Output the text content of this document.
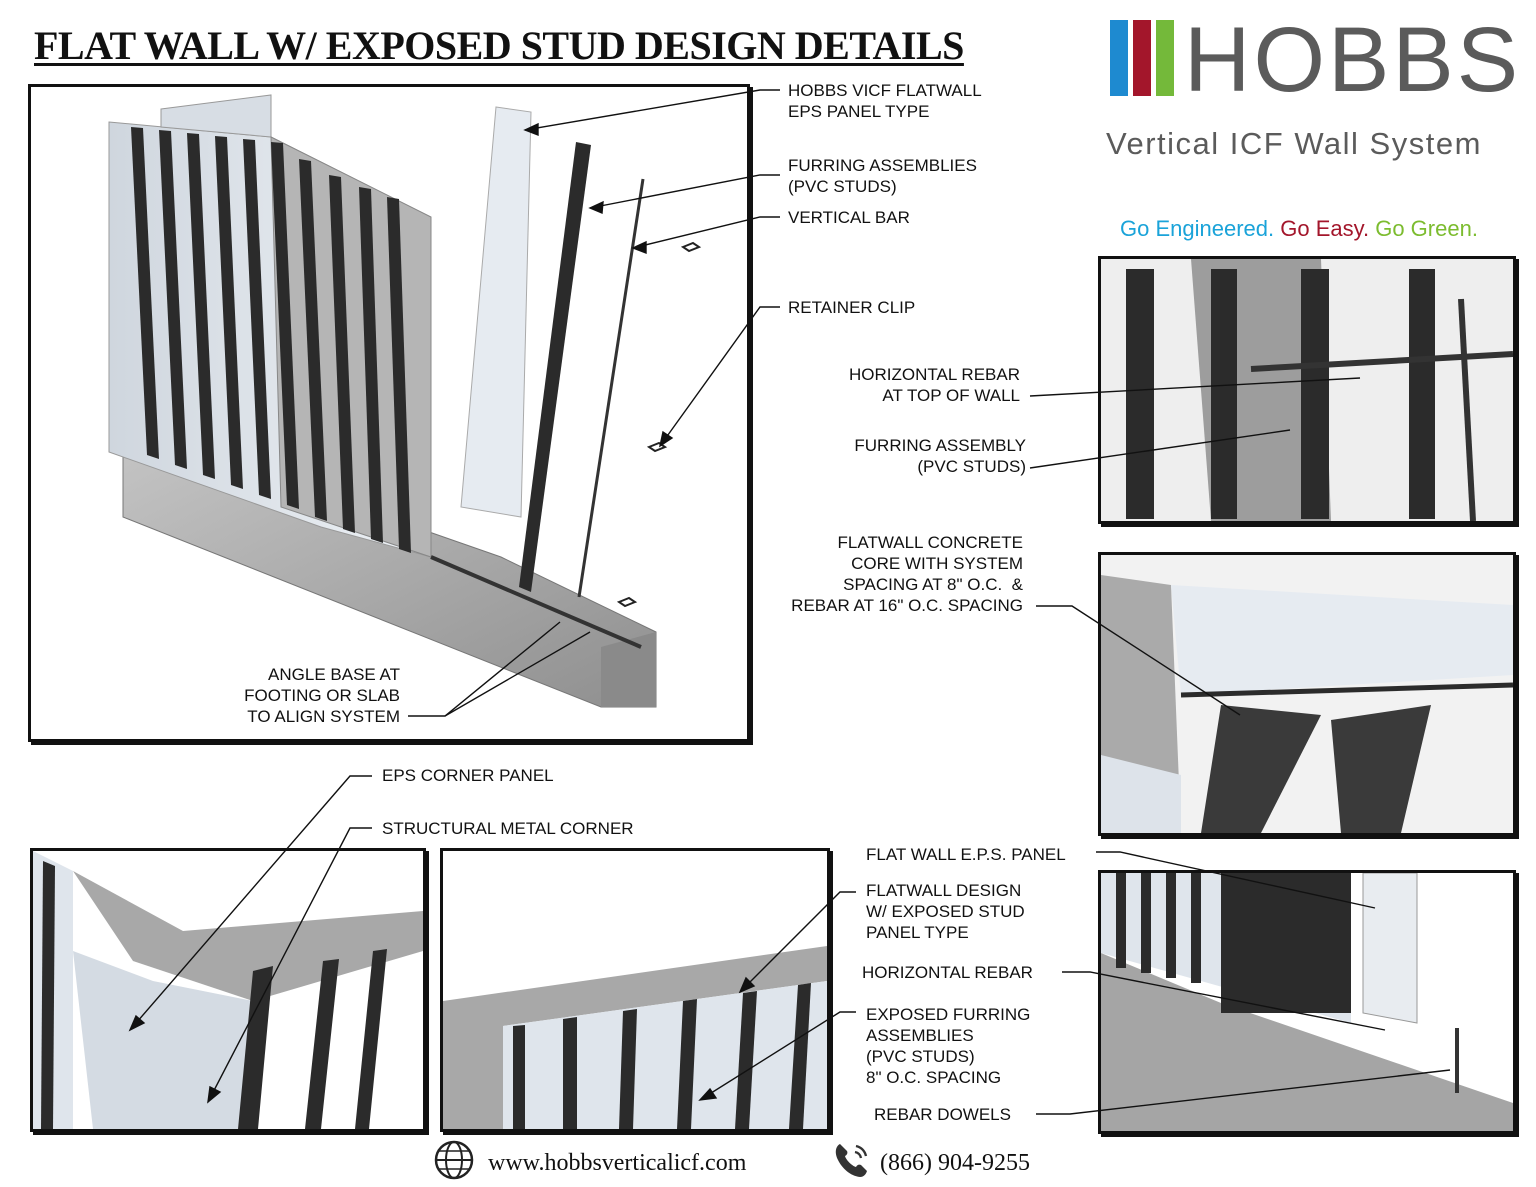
FLAT WALL W/ EXPOSED STUD DESIGN DETAILS HOBBS
Vertical ICF Wall System
Go Engineered. Go Easy. Go Green.
HOBBS VICF FLATWALL
EPS PANEL TYPE
FURRING ASSEMBLIES
(PVC STUDS)
VERTICAL BAR
RETAINER CLIP
ANGLE BASE AT
FOOTING OR SLAB
TO ALIGN SYSTEM
HORIZONTAL REBAR
AT TOP OF WALL
FURRING ASSEMBLY
(PVC STUDS)
FLATWALL CONCRETE
CORE WITH SYSTEM
SPACING AT 8" O.C.  &
REBAR AT 16" O.C. SPACING
EPS CORNER PANEL
STRUCTURAL METAL CORNER
FLAT WALL E.P.S. PANEL
FLATWALL DESIGN
W/ EXPOSED STUD
PANEL TYPE
HORIZONTAL REBAR
EXPOSED FURRING
ASSEMBLIES
(PVC STUDS)
8" O.C. SPACING
REBAR DOWELS
www.hobbsverticalicf.com	(866) 904-9255
